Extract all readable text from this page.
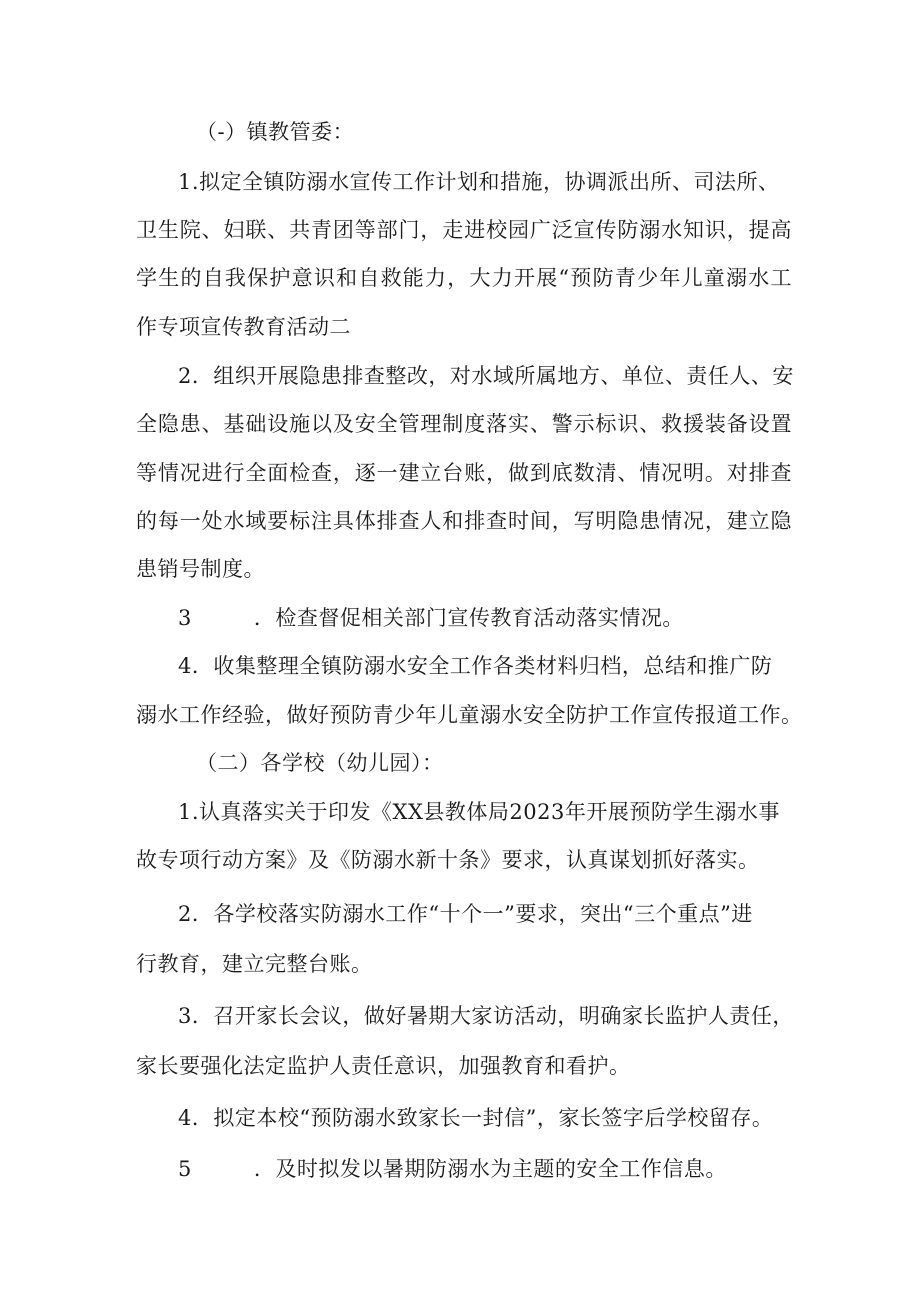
（-）镇教管委：
1.拟定全镇防溺水宣传工作计划和措施，协调派出所、司法所、
卫生院、妇联、共青团等部门，走进校园广泛宣传防溺水知识，提高
学生的自我保护意识和自救能力，大力开展“预防青少年儿童溺水工
作专项宣传教育活动二
2．组织开展隐患排查整改，对水域所属地方、单位、责任人、安
全隐患、基础设施以及安全管理制度落实、警示标识、救援装备设置
等情况进行全面检查，逐一建立台账，做到底数清、情况明。对排查
的每一处水域要标注具体排查人和排查时间，写明隐患情况，建立隐
患销号制度。
3	．检查督促相关部门宣传教育活动落实情况。
4．收集整理全镇防溺水安全工作各类材料归档，总结和推广防
溺水工作经验，做好预防青少年儿童溺水安全防护工作宣传报道工作。
（二）各学校（幼儿园）：
1.认真落实关于印发《XX县教体局2023年开展预防学生溺水事
故专项行动方案》及《防溺水新十条》要求，认真谋划抓好落实。
2．各学校落实防溺水工作“十个一”要求，突出“三个重点”进
行教育，建立完整台账。
3．召开家长会议，做好暑期大家访活动，明确家长监护人责任，
家长要强化法定监护人责任意识，加强教育和看护。
4．拟定本校“预防溺水致家长一封信”，家长签字后学校留存。
5	．及时拟发以暑期防溺水为主题的安全工作信息。
